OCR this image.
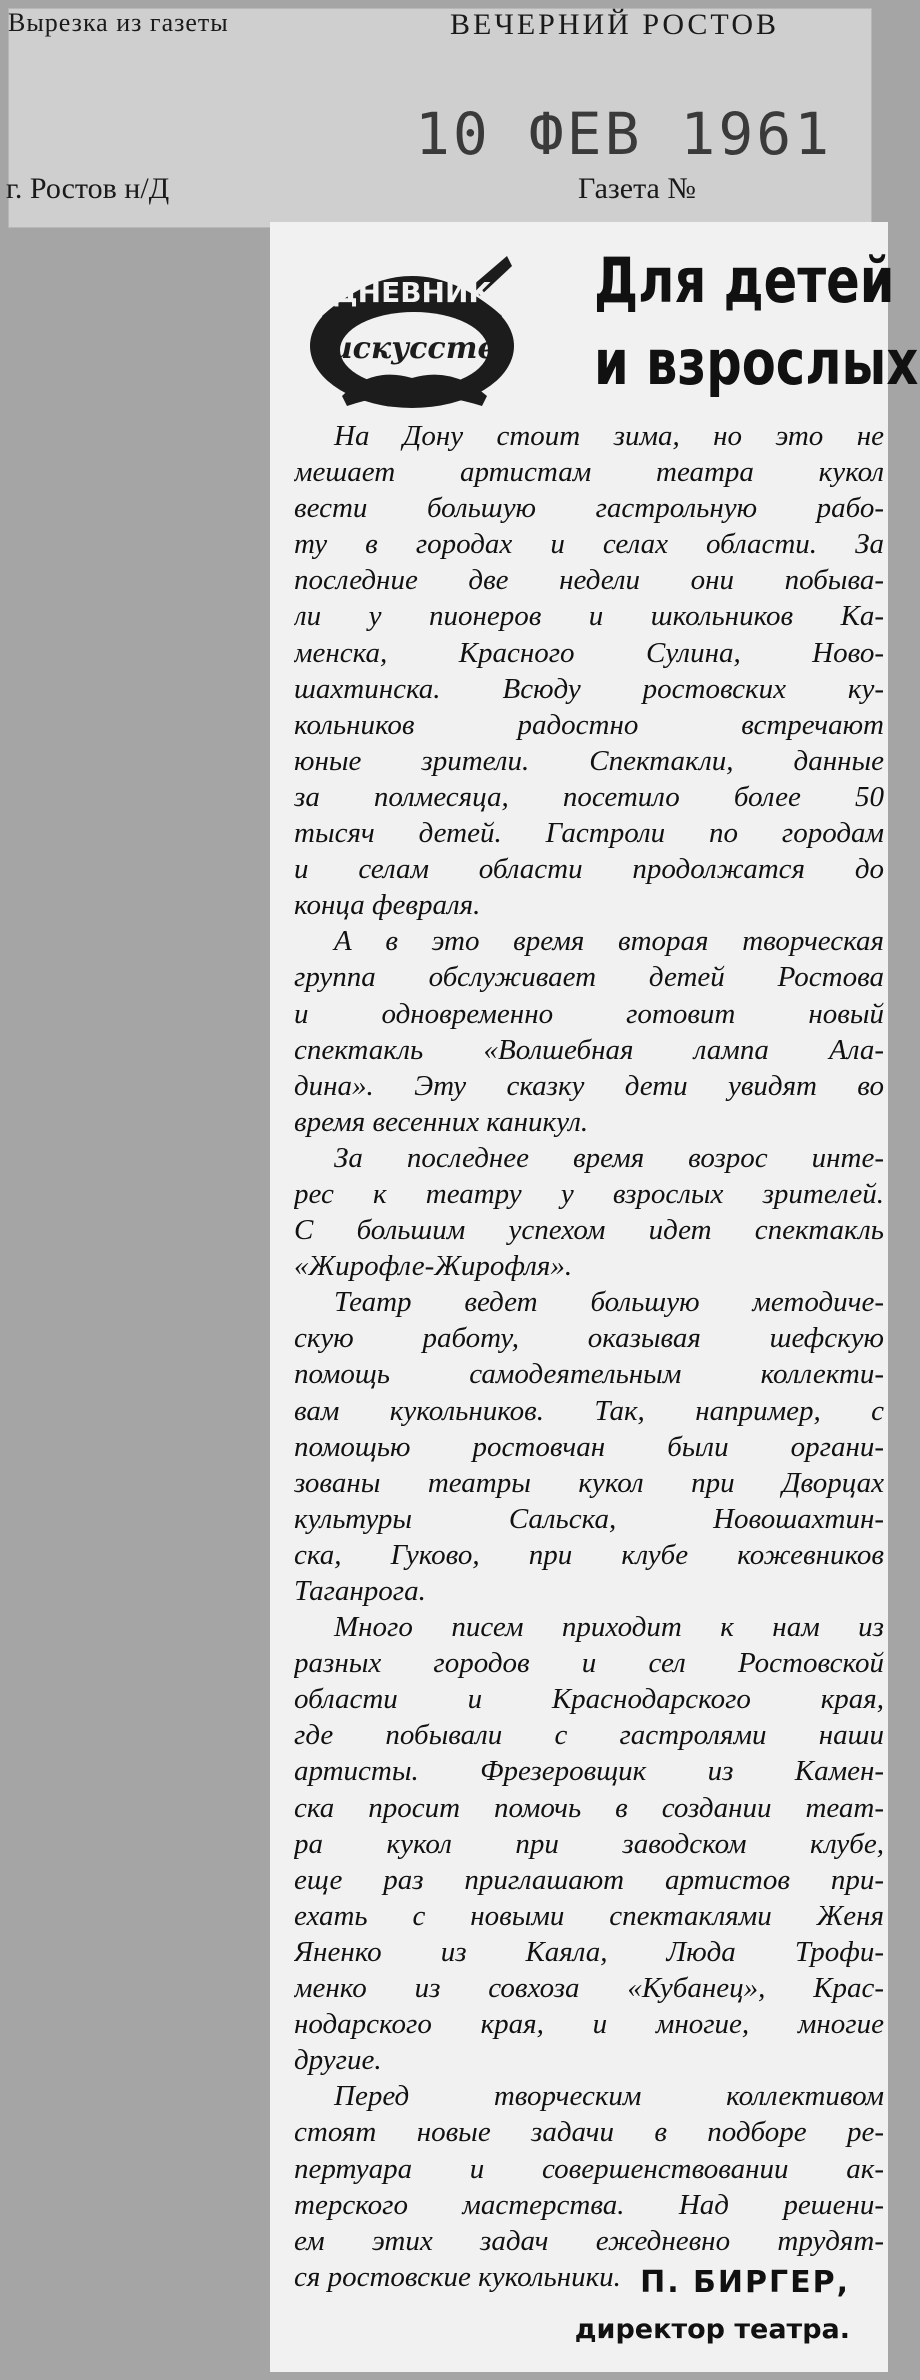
Вырезка из газеты	ВЕЧЕРНИЙ РОСТОВ
г. Ростов н/Д	Газета №
10 ФЕВ 1961
ДНЕВНИК
искусств
Для детей
и взрослых
На Дону стоит зима, но это не
мешает артистам театра кукол
вести большую гастрольную рабо-
ту в городах и селах области. За
последние две недели они побыва-
ли у пионеров и школьников Ка-
менска, Красного Сулина, Ново-
шахтинска. Всюду ростовских ку-
кольников радостно встречают
юные зрители. Спектакли, данные
за полмесяца, посетило более 50
тысяч детей. Гастроли по городам
и селам области продолжатся до
конца февраля.
А в это время вторая творческая
группа обслуживает детей Ростова
и одновременно готовит новый
спектакль «Волшебная лампа Ала-
дина». Эту сказку дети увидят во
время весенних каникул.
За последнее время возрос инте-
рес к театру у взрослых зрителей.
С большим успехом идет спектакль
«Жирофле-Жирофля».
Театр ведет большую методиче-
скую работу, оказывая шефскую
помощь самодеятельным коллекти-
вам кукольников. Так, например, с
помощью ростовчан были органи-
зованы театры кукол при Дворцах
культуры Сальска, Новошахтин-
ска, Гуково, при клубе кожевников
Таганрога.
Много писем приходит к нам из
разных городов и сел Ростовской
области и Краснодарского края,
где побывали с гастролями наши
артисты. Фрезеровщик из Камен-
ска просит помочь в создании теат-
ра кукол при заводском клубе,
еще раз приглашают артистов при-
ехать с новыми спектаклями Женя
Яненко из Каяла, Люда Трофи-
менко из совхоза «Кубанец», Крас-
нодарского края, и многие, многие
другие.
Перед творческим коллективом
стоят новые задачи в подборе ре-
пертуара и совершенствовании ак-
терского мастерства. Над решени-
ем этих задач ежедневно трудят-
ся ростовские кукольники. П. БИРГЕР,
директор театра.
